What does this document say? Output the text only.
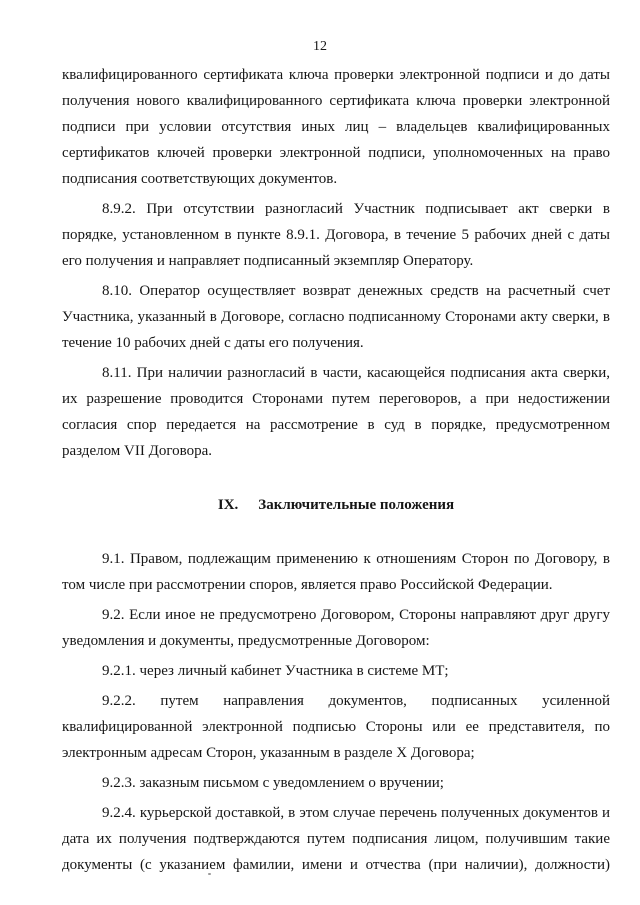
12

квалифицированного сертификата ключа проверки электронной подписи и до даты получения нового квалифицированного сертификата ключа проверки электронной подписи при условии отсутствия иных лиц – владельцев квалифицированных сертификатов ключей проверки электронной подписи, уполномоченных на право подписания соответствующих документов.

8.9.2. При отсутствии разногласий Участник подписывает акт сверки в порядке, установленном в пункте 8.9.1. Договора, в течение 5 рабочих дней с даты его получения и направляет подписанный экземпляр Оператору.

8.10. Оператор осуществляет возврат денежных средств на расчетный счет Участника, указанный в Договоре, согласно подписанному Сторонами акту сверки, в течение 10 рабочих дней с даты его получения.

8.11. При наличии разногласий в части, касающейся подписания акта сверки, их разрешение проводится Сторонами путем переговоров, а при недостижении согласия спор передается на рассмотрение в суд в порядке, предусмотренном разделом VII Договора.

IX. Заключительные положения

9.1. Правом, подлежащим применению к отношениям Сторон по Договору, в том числе при рассмотрении споров, является право Российской Федерации.

9.2. Если иное не предусмотрено Договором, Стороны направляют друг другу уведомления и документы, предусмотренные Договором:

9.2.1. через личный кабинет Участника в системе МТ;

9.2.2. путем направления документов, подписанных усиленной квалифицированной электронной подписью Стороны или ее представителя, по электронным адресам Сторон, указанным в разделе X Договора;

9.2.3. заказным письмом с уведомлением о вручении;

9.2.4. курьерской доставкой, в этом случае перечень полученных документов и дата их получения подтверждаются путем подписания лицом, получившим такие документы (с указанием фамилии, имени и отчества (при наличии), должности)
